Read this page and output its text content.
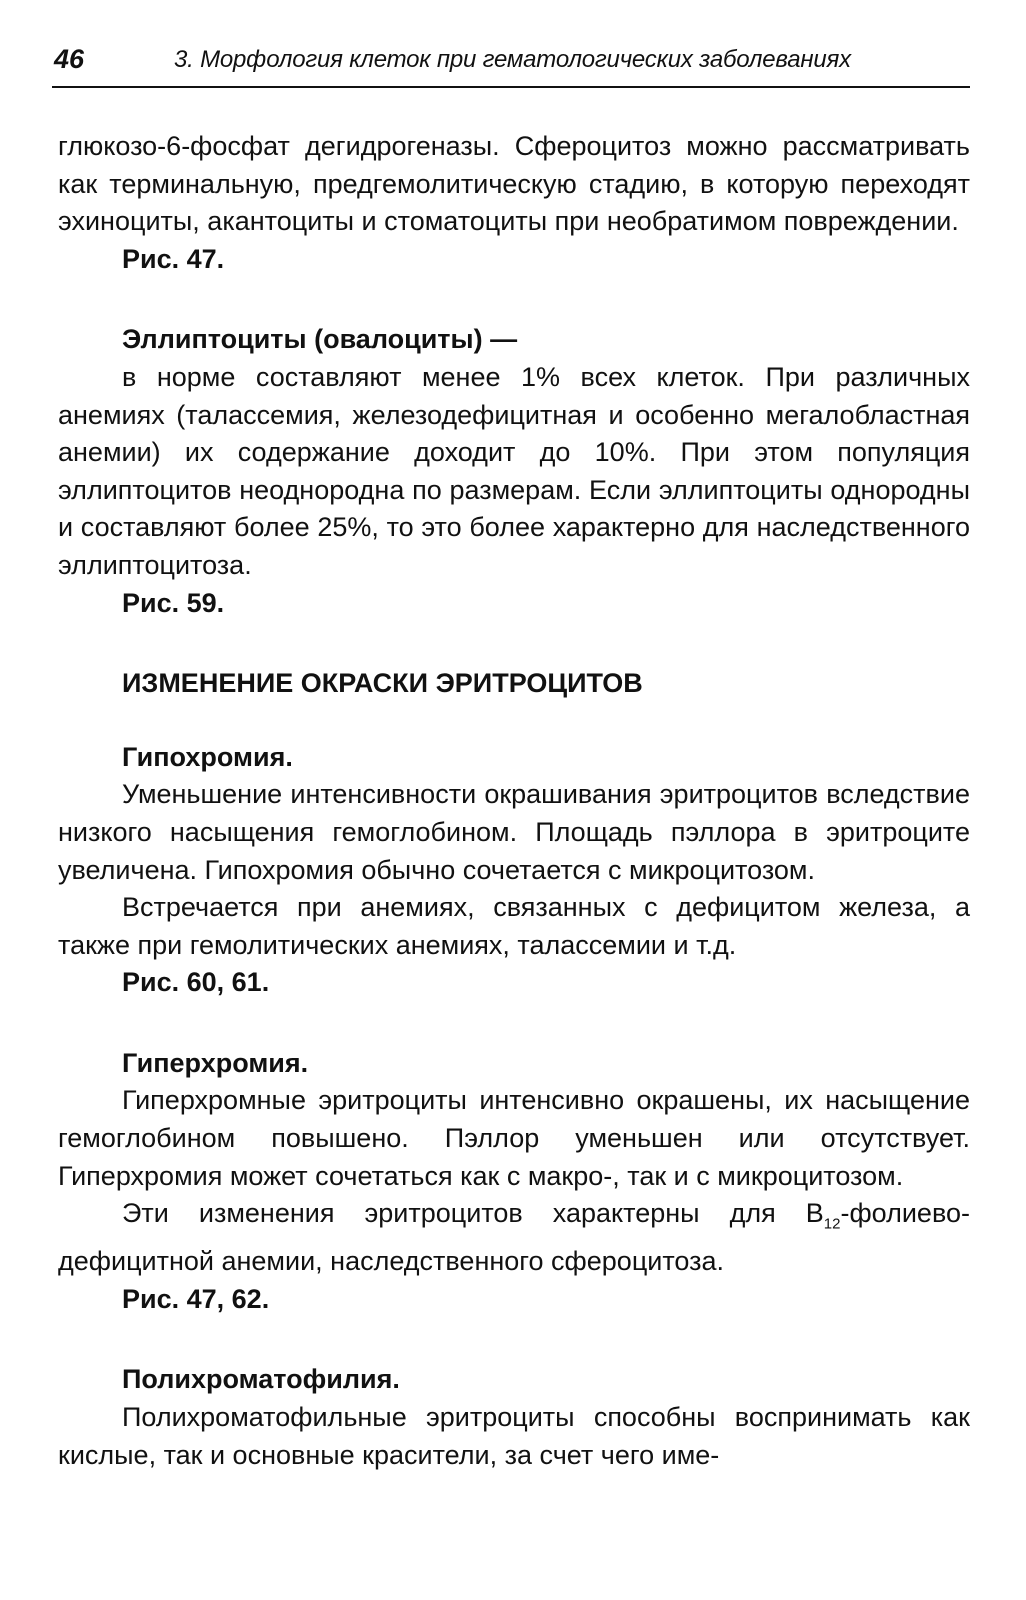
46	3. Морфология клеток при гематологических заболеваниях

глюкозо-6-фосфат дегидрогеназы. Сфероцитоз можно рассматривать как терминальную, предгемолитическую стадию, в которую переходят эхиноциты, акантоциты и стоматоциты при необратимом повреждении.

Рис. 47.

Эллиптоциты (овалоциты) —

в норме составляют менее 1% всех клеток. При различных анемиях (талассемия, железодефицитная и особенно мегалобластная анемии) их содержание доходит до 10%. При этом популяция эллиптоцитов неоднородна по размерам. Если эллиптоциты однородны и составляют более 25%, то это более характерно для наследственного эллиптоцитоза.

Рис. 59.

ИЗМЕНЕНИЕ ОКРАСКИ ЭРИТРОЦИТОВ

Гипохромия.

Уменьшение интенсивности окрашивания эритроцитов вследствие низкого насыщения гемоглобином. Площадь пэллора в эритроците увеличена. Гипохромия обычно сочетается с микроцитозом.

Встречается при анемиях, связанных с дефицитом железа, а также при гемолитических анемиях, талассемии и т.д.

Рис. 60, 61.

Гиперхромия.

Гиперхромные эритроциты интенсивно окрашены, их насыщение гемоглобином повышено. Пэллор уменьшен или отсутствует. Гиперхромия может сочетаться как с макро-, так и с микроцитозом.

Эти изменения эритроцитов характерны для $B_{12}-фолиево$-дефицитной анемии, наследственного сфероцитоза.

Рис. 47, 62.

Полихроматофилия.

Полихроматофильные эритроциты способны воспринимать как кислые, так и основные красители, за счет чего име-
